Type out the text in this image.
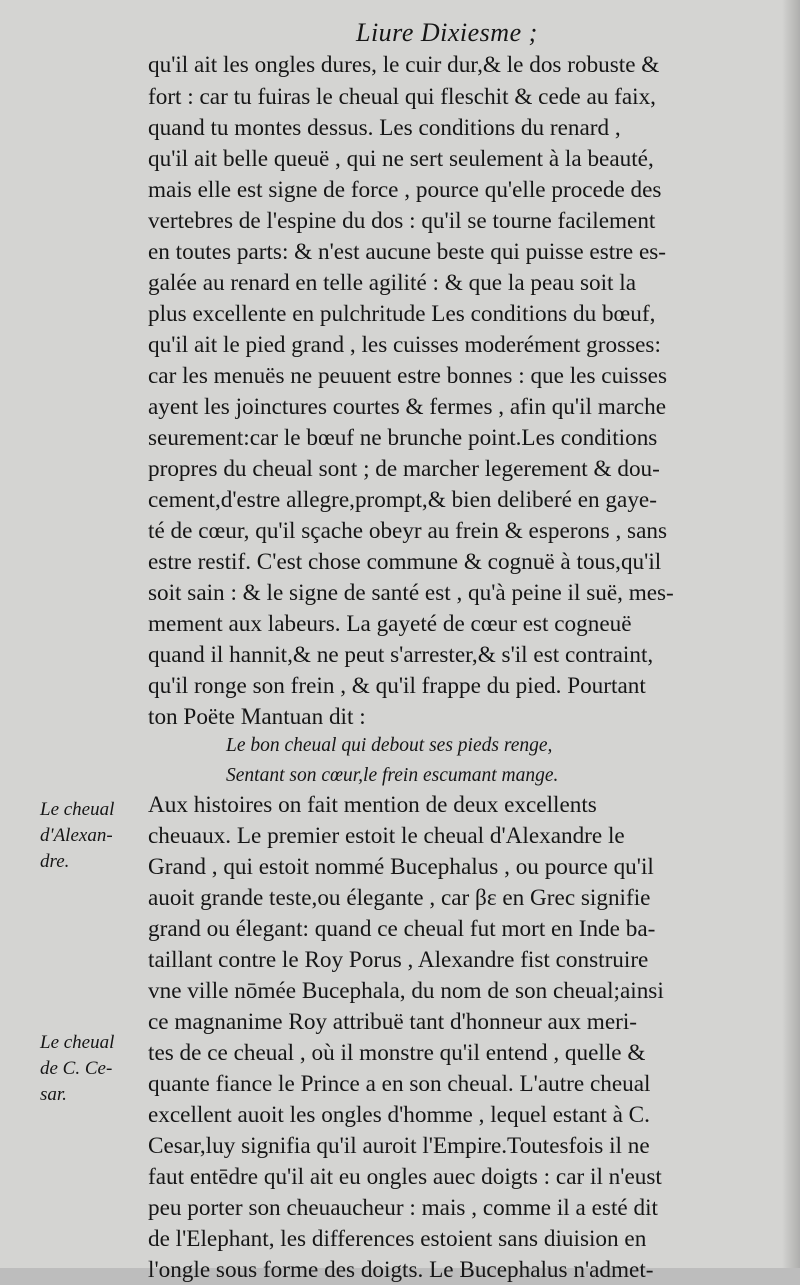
Liure Dixiesme ;
qu'il ait les ongles dures, le cuir dur,& le dos robuste &
fort : car tu fuiras le cheual qui fleschit & cede au faix,
quand tu montes dessus. Les conditions du renard ,
qu'il ait belle queuë , qui ne sert seulement à la beauté,
mais elle est signe de force , pource qu'elle procede des
vertebres de l'espine du dos : qu'il se tourne facilement
en toutes parts: & n'est aucune beste qui puisse estre es-
galée au renard en telle agilité : & que la peau soit la
plus excellente en pulchritude Les conditions du bœuf,
qu'il ait le pied grand , les cuisses moderément grosses:
car les menuës ne peuuent estre bonnes : que les cuisses
ayent les joinctures courtes & fermes , afin qu'il marche
seurement:car le bœuf ne brunche point.Les conditions
propres du cheual sont ; de marcher legerement & dou-
cement,d'estre allegre,prompt,& bien deliberé en gaye-
té de cœur, qu'il sçache obeyr au frein & esperons , sans
estre restif. C'est chose commune & cognuë à tous,qu'il
soit sain : & le signe de santé est , qu'à peine il suë, mes-
mement aux labeurs. La gayeté de cœur est cogneuë
quand il hannit,& ne peut s'arrester,& s'il est contraint,
qu'il ronge son frein , & qu'il frappe du pied. Pourtant
ton Poëte Mantuan dit :
Le bon cheual qui debout ses pieds renge,
Sentant son cœur,le frein escumant mange.
Aux histoires on fait mention de deux excellents
cheuaux. Le premier estoit le cheual d'Alexandre le
Grand , qui estoit nommé Bucephalus , ou pource qu'il
auoit grande teste,ou élegante , car βε en Grec signifie
grand ou élegant: quand ce cheual fut mort en Inde ba-
taillant contre le Roy Porus , Alexandre fist construire
vne ville nōmée Bucephala, du nom de son cheual;ainsi
ce magnanime Roy attribuë tant d'honneur aux meri-
tes de ce cheual , où il monstre qu'il entend , quelle &
quante fiance le Prince a en son cheual. L'autre cheual
excellent auoit les ongles d'homme , lequel estant à C.
Cesar,luy signifia qu'il auroit l'Empire.Toutesfois il ne
faut entēdre qu'il ait eu ongles auec doigts : car il n'eust
peu porter son cheuaucheur : mais , comme il a esté dit
de l'Elephant, les differences estoient sans diuision en
l'ongle sous forme des doigts. Le Bucephalus n'admet-
Le cheual
d'Alexan-
dre.
Le cheual
de C. Ce-
sar.
